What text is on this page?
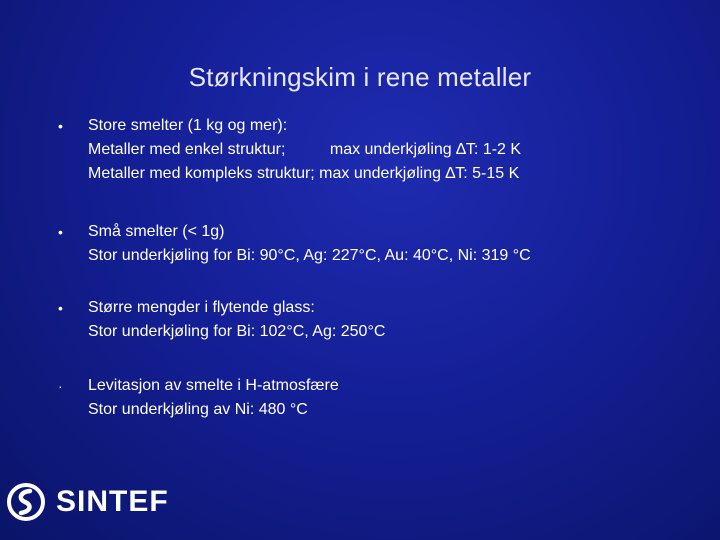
Størkningskim i rene metaller
•	Store smelter (1 kg og mer):
Metaller med enkel struktur;          max underkjøling ∆T: 1-2 K
Metaller med kompleks struktur; max underkjøling ∆T: 5-15 K
•	Små smelter (< 1g)
Stor underkjøling for Bi: 90°C, Ag: 227°C, Au: 40°C, Ni: 319 °C
•	Større mengder i flytende glass:
Stor underkjøling for Bi: 102°C, Ag: 250°C
·	Levitasjon av smelte i H-atmosfære
Stor underkjøling av Ni: 480 °C
SINTEF
